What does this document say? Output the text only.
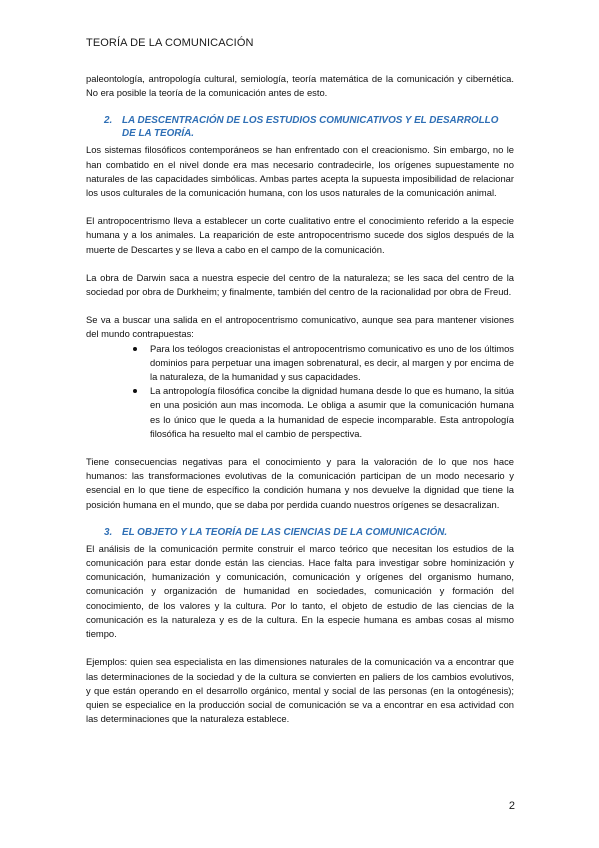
TEORÍA DE LA COMUNICACIÓN

paleontología, antropología cultural, semiología, teoría matemática de la comunicación y cibernética. No era posible la teoría de la comunicación antes de esto.

2. LA DESCENTRACIÓN DE LOS ESTUDIOS COMUNICATIVOS Y EL DESARROLLO DE LA TEORÍA.

Los sistemas filosóficos contemporáneos se han enfrentado con el creacionismo. Sin embargo, no le han combatido en el nivel donde era mas necesario contradecirle, los orígenes supuestamente no naturales de las capacidades simbólicas. Ambas partes acepta la supuesta imposibilidad de relacionar los usos culturales de la comunicación humana, con los usos naturales de la comunicación animal.

El antropocentrismo lleva a establecer un corte cualitativo entre el conocimiento referido a la especie humana y a los animales. La reaparición de este antropocentrismo sucede dos siglos después de la muerte de Descartes y se lleva a cabo en el campo de la comunicación.

La obra de Darwin saca a nuestra especie del centro de la naturaleza; se les saca del centro de la sociedad por obra de Durkheim; y finalmente, también del centro de la racionalidad por obra de Freud.

Se va a buscar una salida en el antropocentrismo comunicativo, aunque sea para mantener visiones del mundo contrapuestas:

Para los teólogos creacionistas el antropocentrismo comunicativo es uno de los últimos dominios para perpetuar una imagen sobrenatural, es decir, al margen y por encima de la naturaleza, de la humanidad y sus capacidades.

La antropología filosófica concibe la dignidad humana desde lo que es humano, la sitúa en una posición aun mas incomoda. Le obliga a asumir que la comunicación humana es lo único que le queda a la humanidad de especie incomparable. Esta antropología filosófica ha resuelto mal el cambio de perspectiva.

Tiene consecuencias negativas para el conocimiento y para la valoración de lo que nos hace humanos: las transformaciones evolutivas de la comunicación participan de un modo necesario y esencial en lo que tiene de específico la condición humana y nos devuelve la dignidad que tiene la posición humana en el mundo, que se daba por perdida cuando nuestros orígenes se desacralizan.

3. EL OBJETO Y LA TEORÍA DE LAS CIENCIAS DE LA COMUNICACIÓN.

El análisis de la comunicación permite construir el marco teórico que necesitan los estudios de la comunicación para estar donde están las ciencias. Hace falta para investigar sobre hominización y comunicación, humanización y comunicación, comunicación y orígenes del organismo humano, comunicación y organización de humanidad en sociedades, comunicación y formación del conocimiento, de los valores y la cultura. Por lo tanto, el objeto de estudio de las ciencias de la comunicación es la naturaleza y es de la cultura. En la especie humana es ambas cosas al mismo tiempo.

Ejemplos: quien sea especialista en las dimensiones naturales de la comunicación va a encontrar que las determinaciones de la sociedad y de la cultura se convierten en paliers de los cambios evolutivos, y que están operando en el desarrollo orgánico, mental y social de las personas (en la ontogénesis); quien se especialice en la producción social de comunicación se va a encontrar en esa actividad con las determinaciones que la naturaleza establece.

2
